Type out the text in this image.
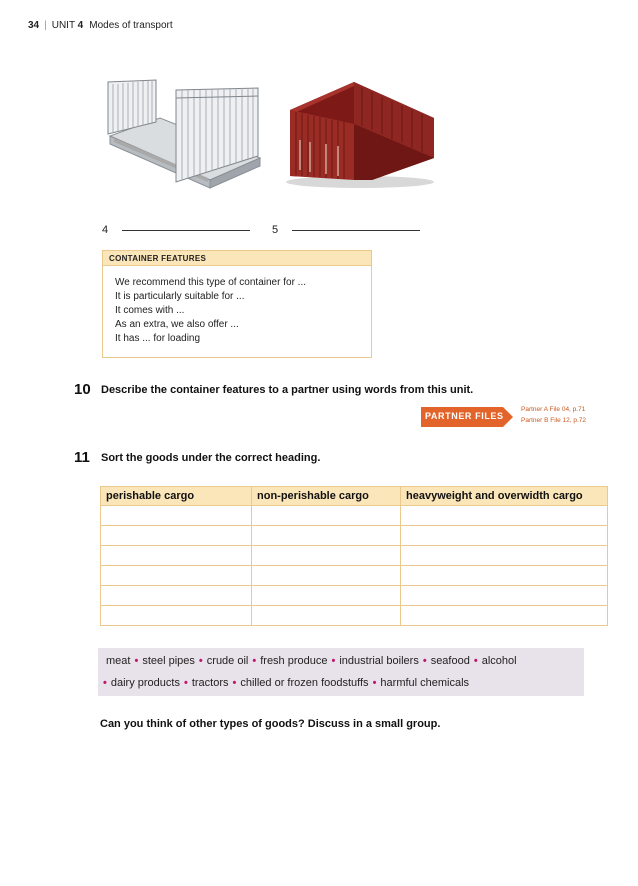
34 | UNIT 4 Modes of transport
4	5
CONTAINER FEATURES
We recommend this type of container for ...
It is particularly suitable for ...
It comes with ...
As an extra, we also offer ...
It has ... for loading
10 Describe the container features to a partner using words from this unit.
PARTNER FILES
Partner A File 04, p.71
Partner B File 12, p.72
11 Sort the goods under the correct heading.
perishable cargo	non-perishable cargo	heavyweight and overwidth cargo

meat • steel pipes • crude oil • fresh produce • industrial boilers • seafood • alcohol
• dairy products • tractors • chilled or frozen foodstuffs • harmful chemicals
Can you think of other types of goods? Discuss in a small group.
